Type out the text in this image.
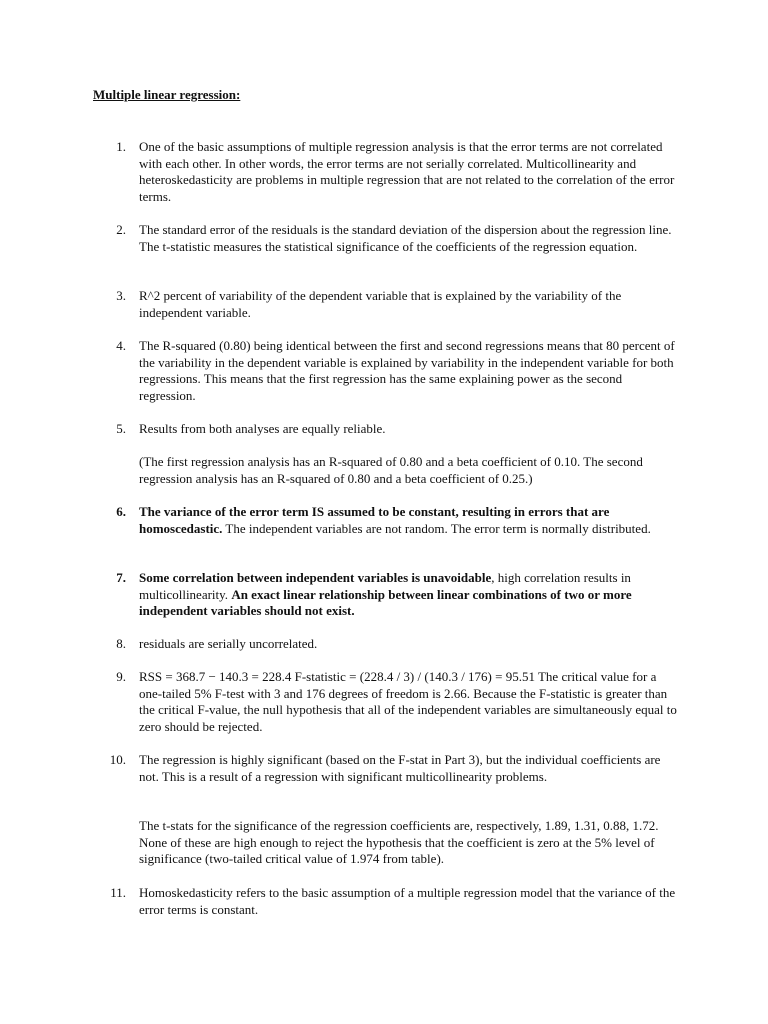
Multiple linear regression:
1. One of the basic assumptions of multiple regression analysis is that the error terms are not correlated with each other. In other words, the error terms are not serially correlated. Multicollinearity and heteroskedasticity are problems in multiple regression that are not related to the correlation of the error terms.

2. The standard error of the residuals is the standard deviation of the dispersion about the regression line. The t-statistic measures the statistical significance of the coefficients of the regression equation.

3. R^2 percent of variability of the dependent variable that is explained by the variability of the independent variable.

4. The R-squared (0.80) being identical between the first and second regressions means that 80 percent of the variability in the dependent variable is explained by variability in the independent variable for both regressions. This means that the first regression has the same explaining power as the second regression.

5. Results from both analyses are equally reliable.

(The first regression analysis has an R-squared of 0.80 and a beta coefficient of 0.10. The second regression analysis has an R-squared of 0.80 and a beta coefficient of 0.25.)

6. The variance of the error term IS assumed to be constant, resulting in errors that are homoscedastic. The independent variables are not random. The error term is normally distributed.

7. Some correlation between independent variables is unavoidable, high correlation results in multicollinearity. An exact linear relationship between linear combinations of two or more independent variables should not exist.

8. residuals are serially uncorrelated.

9. RSS = 368.7 − 140.3 = 228.4 F-statistic = (228.4 / 3) / (140.3 / 176) = 95.51 The critical value for a one-tailed 5% F-test with 3 and 176 degrees of freedom is 2.66. Because the F-statistic is greater than the critical F-value, the null hypothesis that all of the independent variables are simultaneously equal to zero should be rejected.

10. The regression is highly significant (based on the F-stat in Part 3), but the individual coefficients are not. This is a result of a regression with significant multicollinearity problems.

The t-stats for the significance of the regression coefficients are, respectively, 1.89, 1.31, 0.88, 1.72. None of these are high enough to reject the hypothesis that the coefficient is zero at the 5% level of significance (two-tailed critical value of 1.974 from table).

11. Homoskedasticity refers to the basic assumption of a multiple regression model that the variance of the error terms is constant.
